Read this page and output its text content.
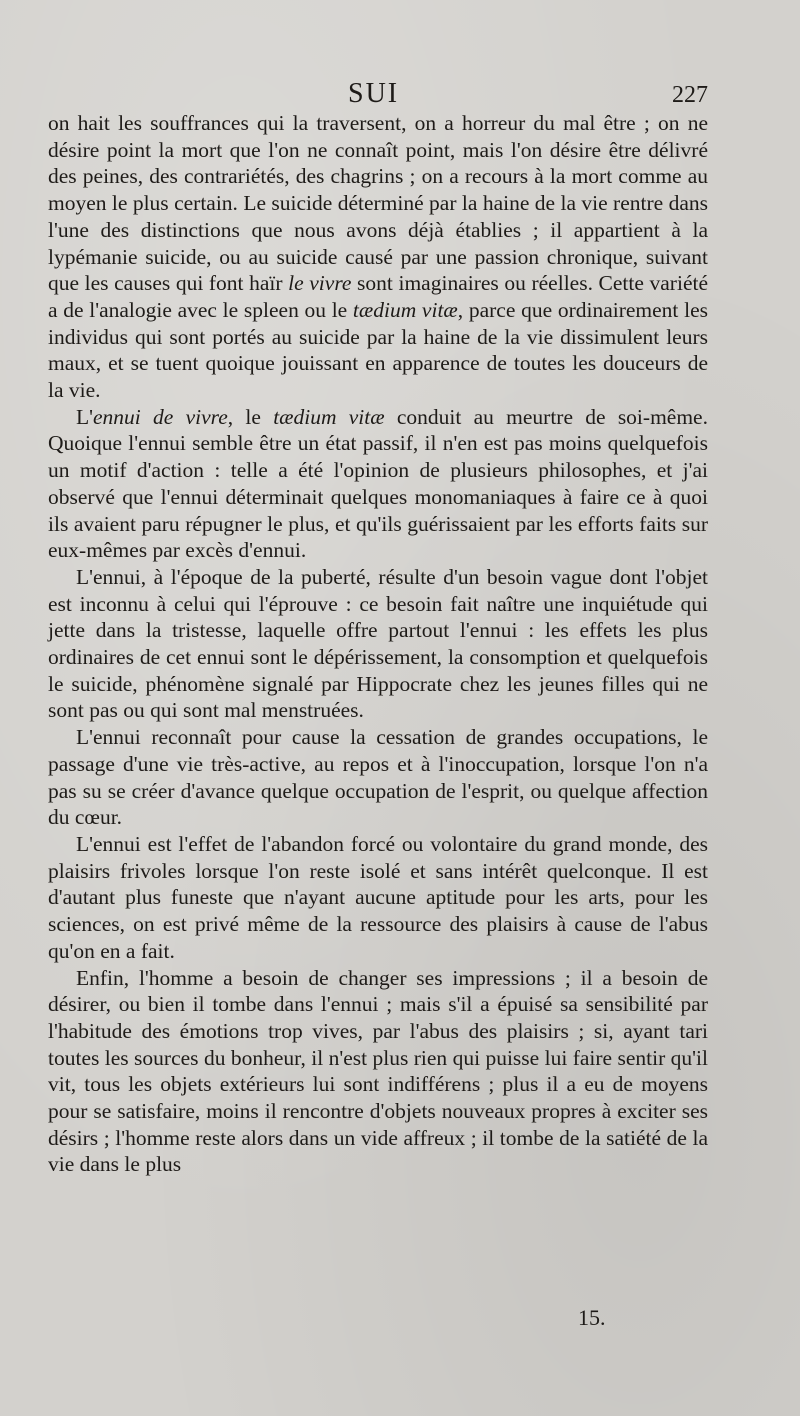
SUI	227

on hait les souffrances qui la traversent, on a horreur du mal être ; on ne désire point la mort que l'on ne connaît point, mais l'on désire être délivré des peines, des contrariétés, des chagrins ; on a recours à la mort comme au moyen le plus certain. Le suicide déterminé par la haine de la vie rentre dans l'une des distinctions que nous avons déjà établies ; il appartient à la lypémanie suicide, ou au suicide causé par une passion chronique, suivant que les causes qui font haïr le vivre sont imaginaires ou réelles. Cette variété a de l'analogie avec le spleen ou le tædium vitæ, parce que ordinairement les individus qui sont portés au suicide par la haine de la vie dissimulent leurs maux, et se tuent quoique jouissant en apparence de toutes les douceurs de la vie.

L'ennui de vivre, le tædium vitæ conduit au meurtre de soi-même. Quoique l'ennui semble être un état passif, il n'en est pas moins quelquefois un motif d'action : telle a été l'opinion de plusieurs philosophes, et j'ai observé que l'ennui déterminait quelques monomaniaques à faire ce à quoi ils avaient paru répugner le plus, et qu'ils guérissaient par les efforts faits sur eux-mêmes par excès d'ennui.

L'ennui, à l'époque de la puberté, résulte d'un besoin vague dont l'objet est inconnu à celui qui l'éprouve : ce besoin fait naître une inquiétude qui jette dans la tristesse, laquelle offre partout l'ennui : les effets les plus ordinaires de cet ennui sont le dépérissement, la consomption et quelquefois le suicide, phénomène signalé par Hippocrate chez les jeunes filles qui ne sont pas ou qui sont mal menstruées.

L'ennui reconnaît pour cause la cessation de grandes occupations, le passage d'une vie très-active, au repos et à l'inoccupation, lorsque l'on n'a pas su se créer d'avance quelque occupation de l'esprit, ou quelque affection du cœur.

L'ennui est l'effet de l'abandon forcé ou volontaire du grand monde, des plaisirs frivoles lorsque l'on reste isolé et sans intérêt quelconque. Il est d'autant plus funeste que n'ayant aucune aptitude pour les arts, pour les sciences, on est privé même de la ressource des plaisirs à cause de l'abus qu'on en a fait.

Enfin, l'homme a besoin de changer ses impressions ; il a besoin de désirer, ou bien il tombe dans l'ennui ; mais s'il a épuisé sa sensibilité par l'habitude des émotions trop vives, par l'abus des plaisirs ; si, ayant tari toutes les sources du bonheur, il n'est plus rien qui puisse lui faire sentir qu'il vit, tous les objets extérieurs lui sont indifférens ; plus il a eu de moyens pour se satisfaire, moins il rencontre d'objets nouveaux propres à exciter ses désirs ; l'homme reste alors dans un vide affreux ; il tombe de la satiété de la vie dans le plus

15.
